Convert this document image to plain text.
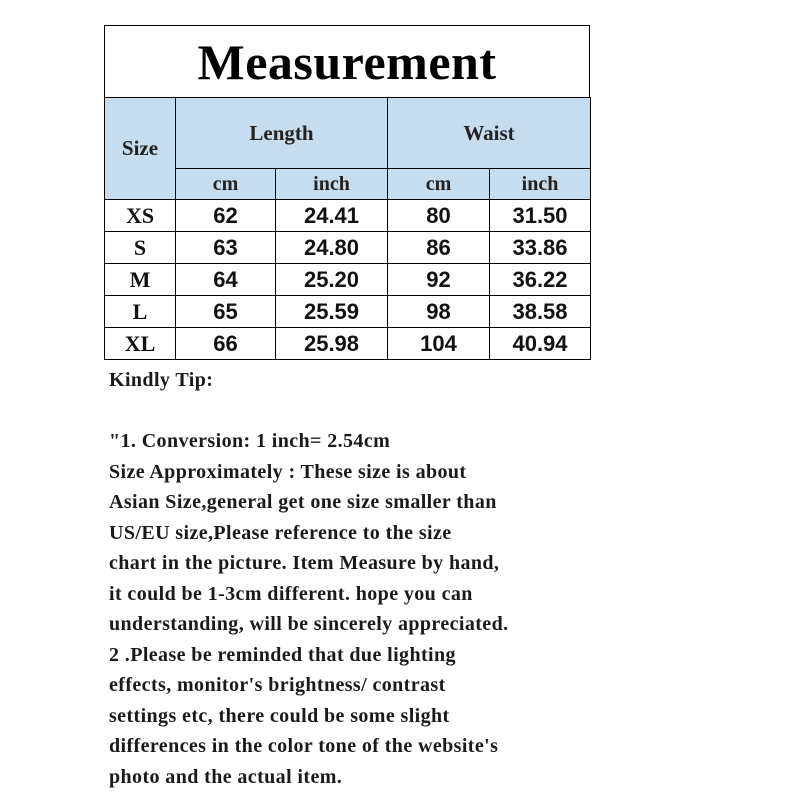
Measurement
Size	Length		Waist	
	cm	inch	cm	inch
XS	62	24.41	80	31.50
S	63	24.80	86	33.86
M	64	25.20	92	36.22
L	65	25.59	98	38.58
XL	66	25.98	104	40.94
Kindly Tip:
"1. Conversion: 1 inch= 2.54cm
Size Approximately : These size is about
Asian Size,general get one size smaller than
US/EU size,Please reference to the size
chart in the picture. Item Measure by hand,
it could be 1-3cm different. hope you can
understanding, will be sincerely appreciated.
2 .Please be reminded that due lighting
effects, monitor's brightness/ contrast
settings etc, there could be some slight
differences in the color tone of the website's
photo and the actual item.
